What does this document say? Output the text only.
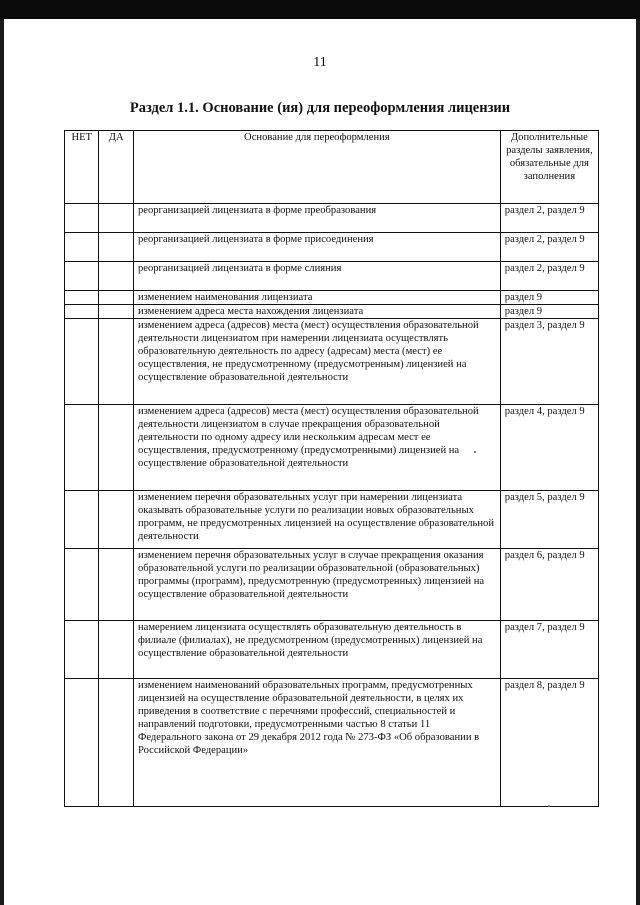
11
Раздел 1.1. Основание (ия) для переоформления лицензии
НЕТ	ДА	Основание для переоформления	Дополнительные разделы заявления, обязательные для заполнения
		реорганизацией лицензиата в форме преобразования	раздел 2, раздел 9
		реорганизацией лицензиата в форме присоединения	раздел 2, раздел 9
		реорганизацией лицензиата в форме слияния	раздел 2, раздел 9
		изменением наименования лицензиата	раздел 9
		изменением адреса места нахождения лицензиата	раздел 9
		изменением адреса (адресов) места (мест) осуществления образовательной деятельности лицензиатом при намерении лицензиата осуществлять образовательную деятельность по адресу (адресам) места (мест) ее осуществления, не предусмотренному (предусмотренным) лицензией на осуществление образовательной деятельности	раздел 3, раздел 9
		изменением адреса (адресов) места (мест) осуществления образовательной деятельности лицензиатом в случае прекращения образовательной деятельности по одному адресу или нескольким адресам мест ее осуществления, предусмотренному (предусмотренными) лицензией на осуществление образовательной деятельности	раздел 4, раздел 9
		изменением перечня образовательных услуг при намерении лицензиата оказывать образовательные услуги по реализации новых образовательных программ, не предусмотренных лицензией на осуществление образовательной деятельности	раздел 5, раздел 9
		изменением перечня образовательных услуг в случае прекращения оказания образовательной услуги по реализации образовательной (образовательных) программы (программ), предусмотренную (предусмотренных) лицензией на осуществление образовательной деятельности	раздел 6, раздел 9
		намерением лицензиата осуществлять образовательную деятельность в филиале (филиалах), не предусмотренном (предусмотренных) лицензией на осуществление образовательной деятельности	раздел 7, раздел 9
		изменением наименований образовательных программ, предусмотренных лицензией на осуществление образовательной деятельности, в целях их приведения в соответствие с перечнями профессий, специальностей и направлений подготовки, предусмотренными частью 8 статьи 11 Федерального закона от 29 декабря 2012 года № 273-ФЗ «Об образовании в Российской Федерации»	раздел 8, раздел 9
